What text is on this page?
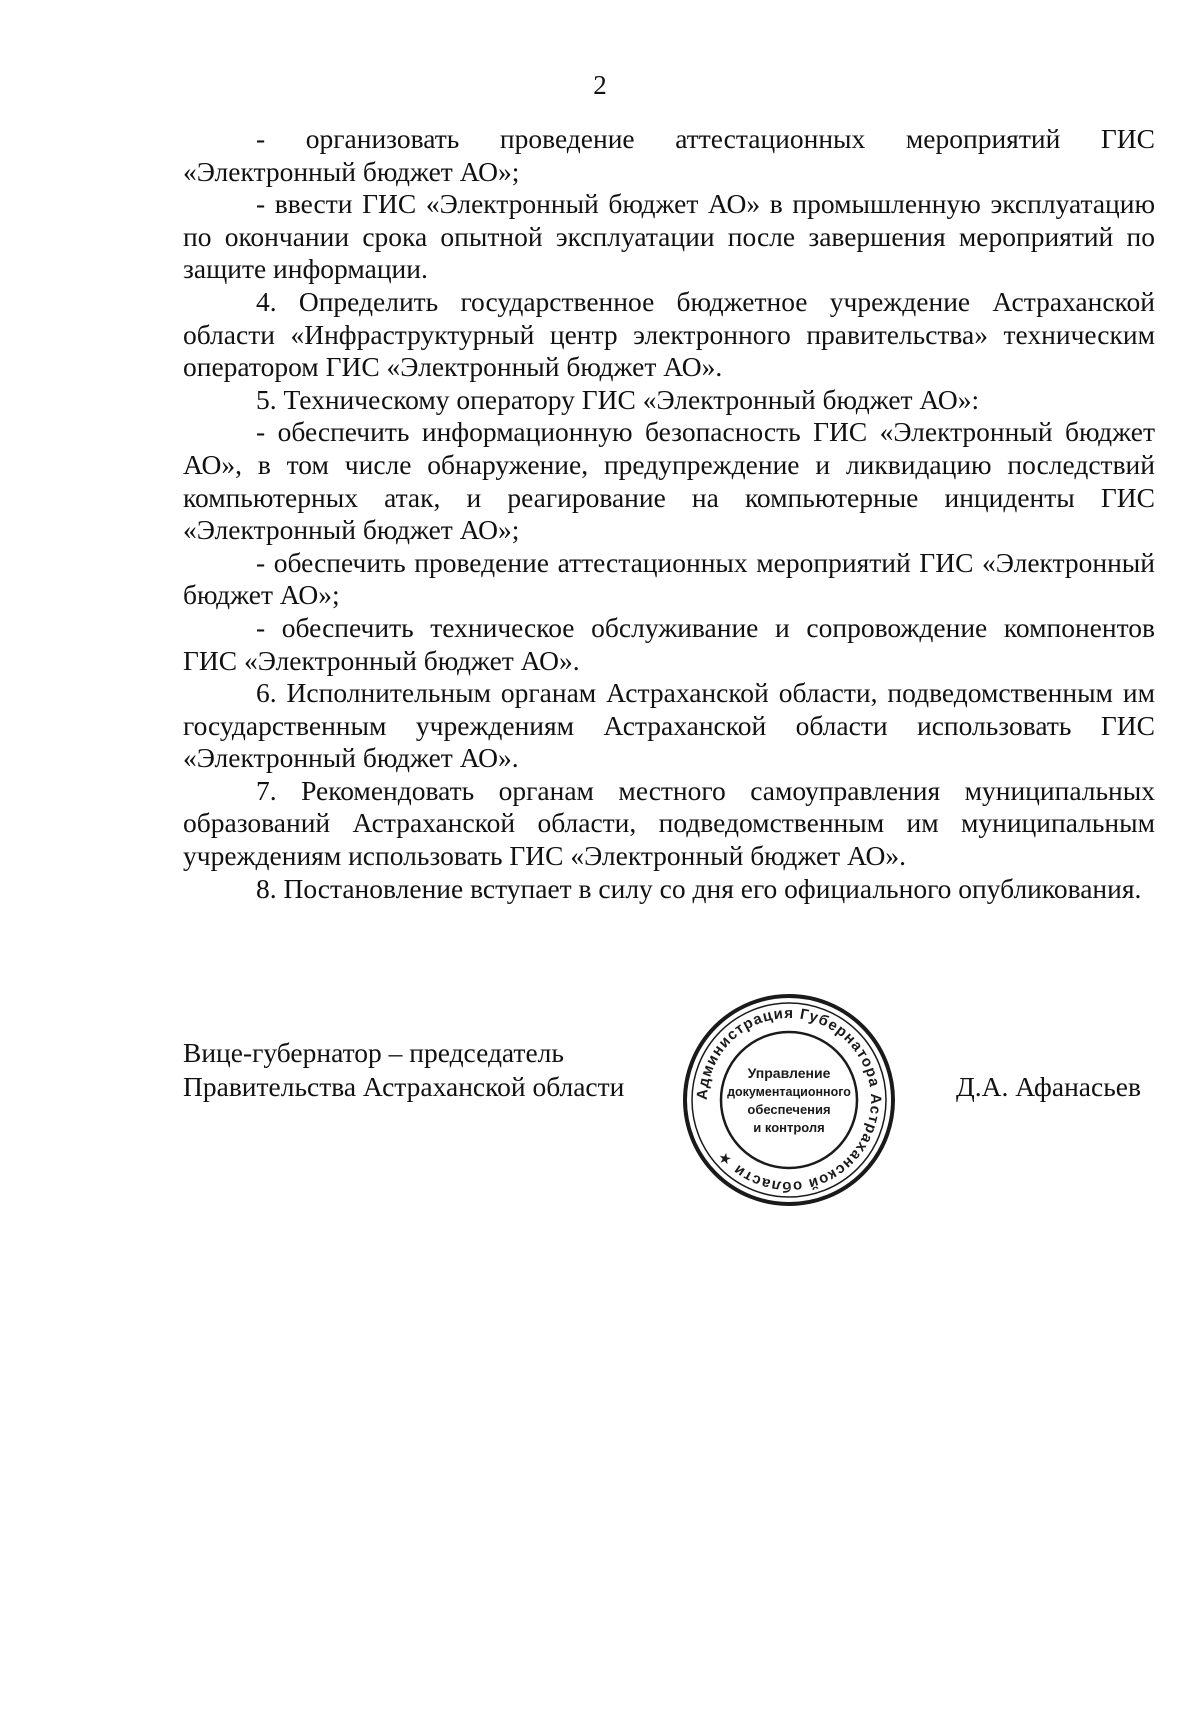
2

- организовать проведение аттестационных мероприятий ГИС «Электронный бюджет АО»;

- ввести ГИС «Электронный бюджет АО» в промышленную эксплуатацию по окончании срока опытной эксплуатации после завершения мероприятий по защите информации.

4. Определить государственное бюджетное учреждение Астраханской области «Инфраструктурный центр электронного правительства» техническим оператором ГИС «Электронный бюджет АО».

5. Техническому оператору ГИС «Электронный бюджет АО»:

- обеспечить информационную безопасность ГИС «Электронный бюджет АО», в том числе обнаружение, предупреждение и ликвидацию последствий компьютерных атак, и реагирование на компьютерные инциденты ГИС «Электронный бюджет АО»;

- обеспечить проведение аттестационных мероприятий ГИС «Электронный бюджет АО»;

- обеспечить техническое обслуживание и сопровождение компонентов ГИС «Электронный бюджет АО».

6. Исполнительным органам Астраханской области, подведомственным им государственным учреждениям Астраханской области использовать ГИС «Электронный бюджет АО».

7. Рекомендовать органам местного самоуправления муниципальных образований Астраханской области, подведомственным им муниципальным учреждениям использовать ГИС «Электронный бюджет АО».

8. Постановление вступает в силу со дня его официального опубликования.

Вице-губернатор – председатель
Правительства Астраханской области	Администрация Губернатора Астраханской области ★
Управление
документационного
обеспечения
и контроля
Д.А. Афанасьев
